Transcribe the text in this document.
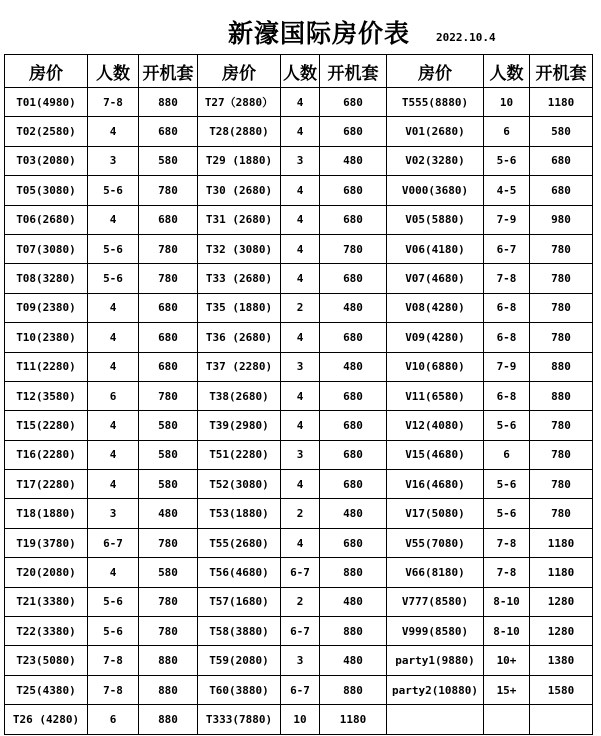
新濠国际房价表 2022.10.4
房价	人数	开机套	房价	人数	开机套	房价	人数	开机套
T01(4980)	7-8	880	T27（2880）	4	680	T555(8880)	10	1180
T02(2580)	4	680	T28(2880)	4	680	V01(2680)	6	580
T03(2080)	3	580	T29 (1880)	3	480	V02(3280)	5-6	680
T05(3080)	5-6	780	T30 (2680)	4	680	V000(3680)	4-5	680
T06(2680)	4	680	T31 (2680)	4	680	V05(5880)	7-9	980
T07(3080)	5-6	780	T32 (3080)	4	780	V06(4180)	6-7	780
T08(3280)	5-6	780	T33 (2680)	4	680	V07(4680)	7-8	780
T09(2380)	4	680	T35 (1880)	2	480	V08(4280)	6-8	780
T10(2380)	4	680	T36 (2680)	4	680	V09(4280)	6-8	780
T11(2280)	4	680	T37 (2280)	3	480	V10(6880)	7-9	880
T12(3580)	6	780	T38(2680)	4	680	V11(6580)	6-8	880
T15(2280)	4	580	T39(2980)	4	680	V12(4080)	5-6	780
T16(2280)	4	580	T51(2280)	3	680	V15(4680)	6	780
T17(2280)	4	580	T52(3080)	4	680	V16(4680)	5-6	780
T18(1880)	3	480	T53(1880)	2	480	V17(5080)	5-6	780
T19(3780)	6-7	780	T55(2680)	4	680	V55(7080)	7-8	1180
T20(2080)	4	580	T56(4680)	6-7	880	V66(8180)	7-8	1180
T21(3380)	5-6	780	T57(1680)	2	480	V777(8580)	8-10	1280
T22(3380)	5-6	780	T58(3880)	6-7	880	V999(8580)	8-10	1280
T23(5080)	7-8	880	T59(2080)	3	480	party1(9880)	10+	1380
T25(4380)	7-8	880	T60(3880)	6-7	880	party2(10880)	15+	1580
T26 (4280)	6	880	T333(7880)	10	1180			
